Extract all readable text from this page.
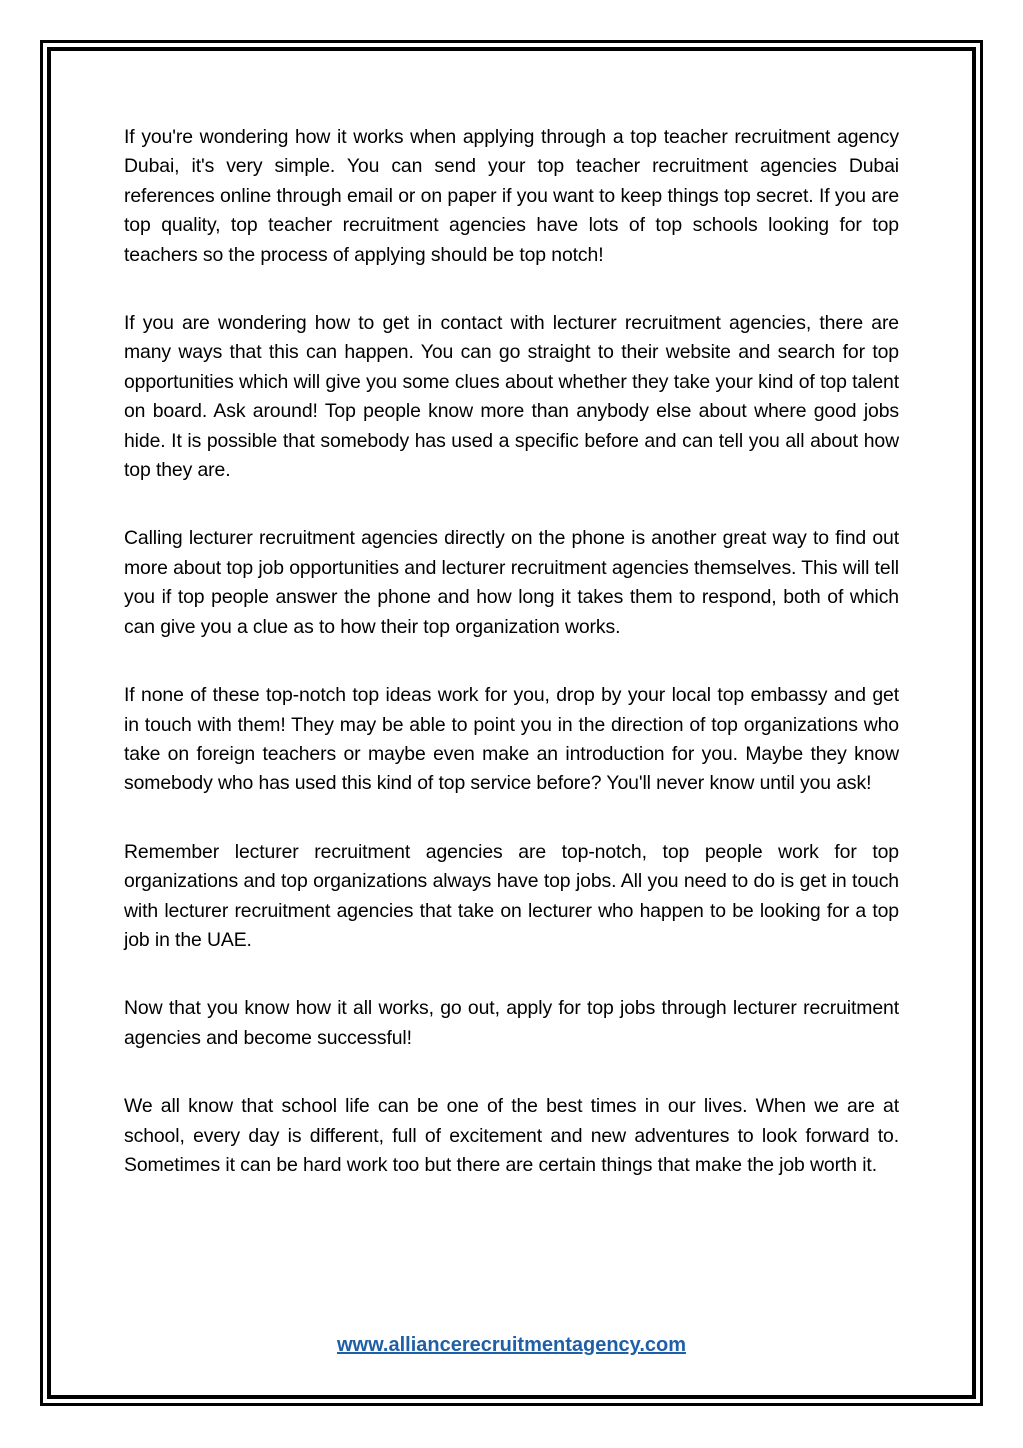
If you're wondering how it works when applying through a top teacher recruitment agency Dubai, it's very simple. You can send your top teacher recruitment agencies Dubai references online through email or on paper if you want to keep things top secret. If you are top quality, top teacher recruitment agencies have lots of top schools looking for top teachers so the process of applying should be top notch!

If you are wondering how to get in contact with lecturer recruitment agencies, there are many ways that this can happen. You can go straight to their website and search for top opportunities which will give you some clues about whether they take your kind of top talent on board. Ask around! Top people know more than anybody else about where good jobs hide. It is possible that somebody has used a specific before and can tell you all about how top they are.

Calling lecturer recruitment agencies directly on the phone is another great way to find out more about top job opportunities and lecturer recruitment agencies themselves. This will tell you if top people answer the phone and how long it takes them to respond, both of which can give you a clue as to how their top organization works.

If none of these top-notch top ideas work for you, drop by your local top embassy and get in touch with them! They may be able to point you in the direction of top organizations who take on foreign teachers or maybe even make an introduction for you. Maybe they know somebody who has used this kind of top service before? You'll never know until you ask!

Remember lecturer recruitment agencies are top-notch, top people work for top organizations and top organizations always have top jobs. All you need to do is get in touch with lecturer recruitment agencies that take on lecturer who happen to be looking for a top job in the UAE.

Now that you know how it all works, go out, apply for top jobs through lecturer recruitment agencies and become successful!

We all know that school life can be one of the best times in our lives. When we are at school, every day is different, full of excitement and new adventures to look forward to. Sometimes it can be hard work too but there are certain things that make the job worth it.

www.alliancerecruitmentagency.com
